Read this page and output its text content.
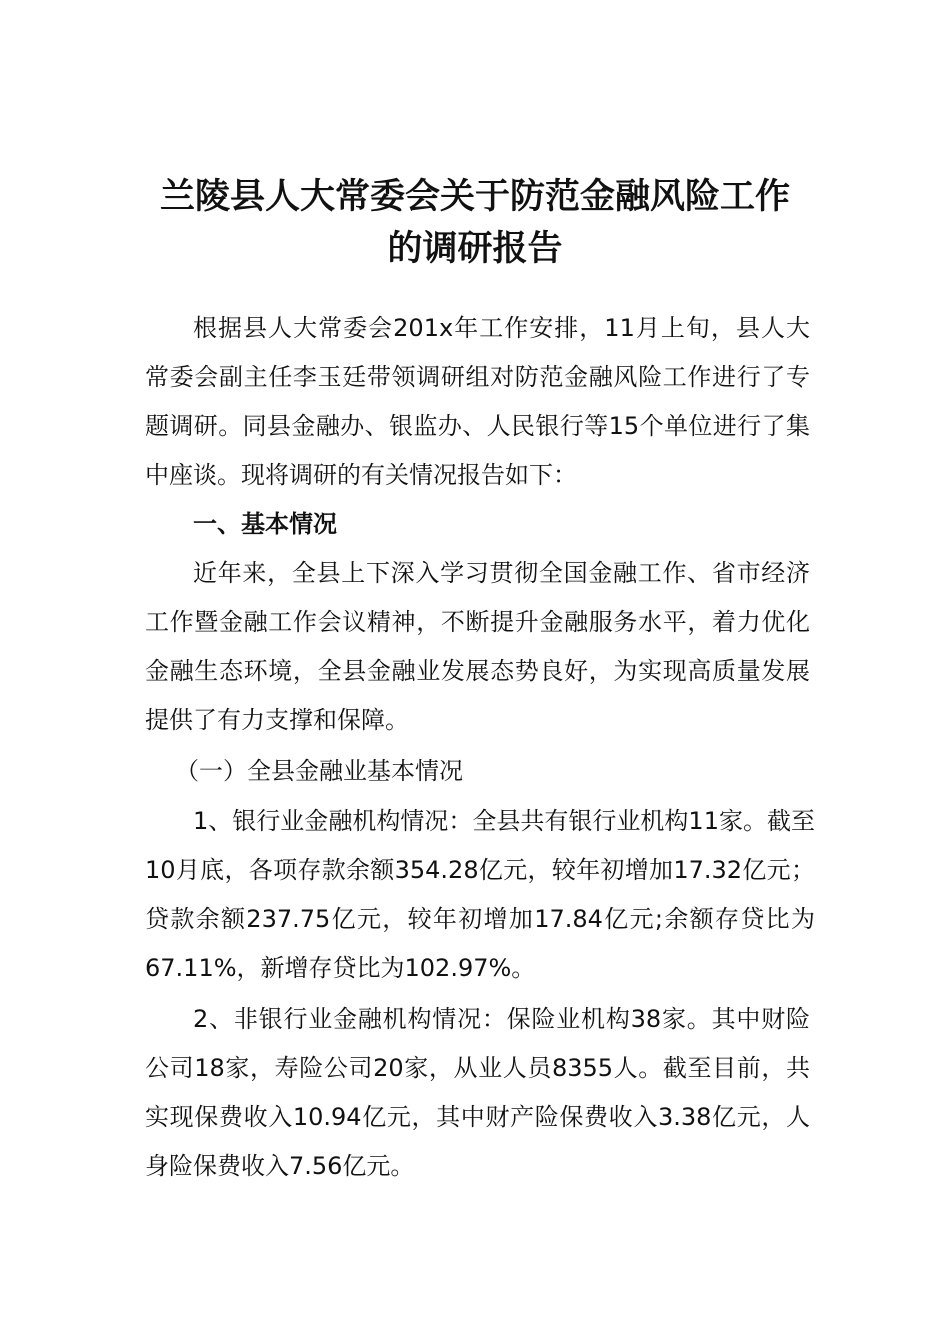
兰陵县人大常委会关于防范金融风险工作
的调研报告

根据县人大常委会201x年工作安排，11月上旬，县人大常委会副主任李玉廷带领调研组对防范金融风险工作进行了专题调研。同县金融办、银监办、人民银行等15个单位进行了集中座谈。现将调研的有关情况报告如下：

一、基本情况

近年来，全县上下深入学习贯彻全国金融工作、省市经济工作暨金融工作会议精神，不断提升金融服务水平，着力优化金融生态环境，全县金融业发展态势良好，为实现高质量发展提供了有力支撑和保障。

（一）全县金融业基本情况

1、银行业金融机构情况：全县共有银行业机构11家。截至10月底，各项存款余额354.28亿元，较年初增加17.32亿元；贷款余额237.75亿元，较年初增加17.84亿元;余额存贷比为67.11%，新增存贷比为102.97%。

2、非银行业金融机构情况：保险业机构38家。其中财险公司18家，寿险公司20家，从业人员8355人。截至目前，共实现保费收入10.94亿元，其中财产险保费收入3.38亿元，人身险保费收入7.56亿元。
